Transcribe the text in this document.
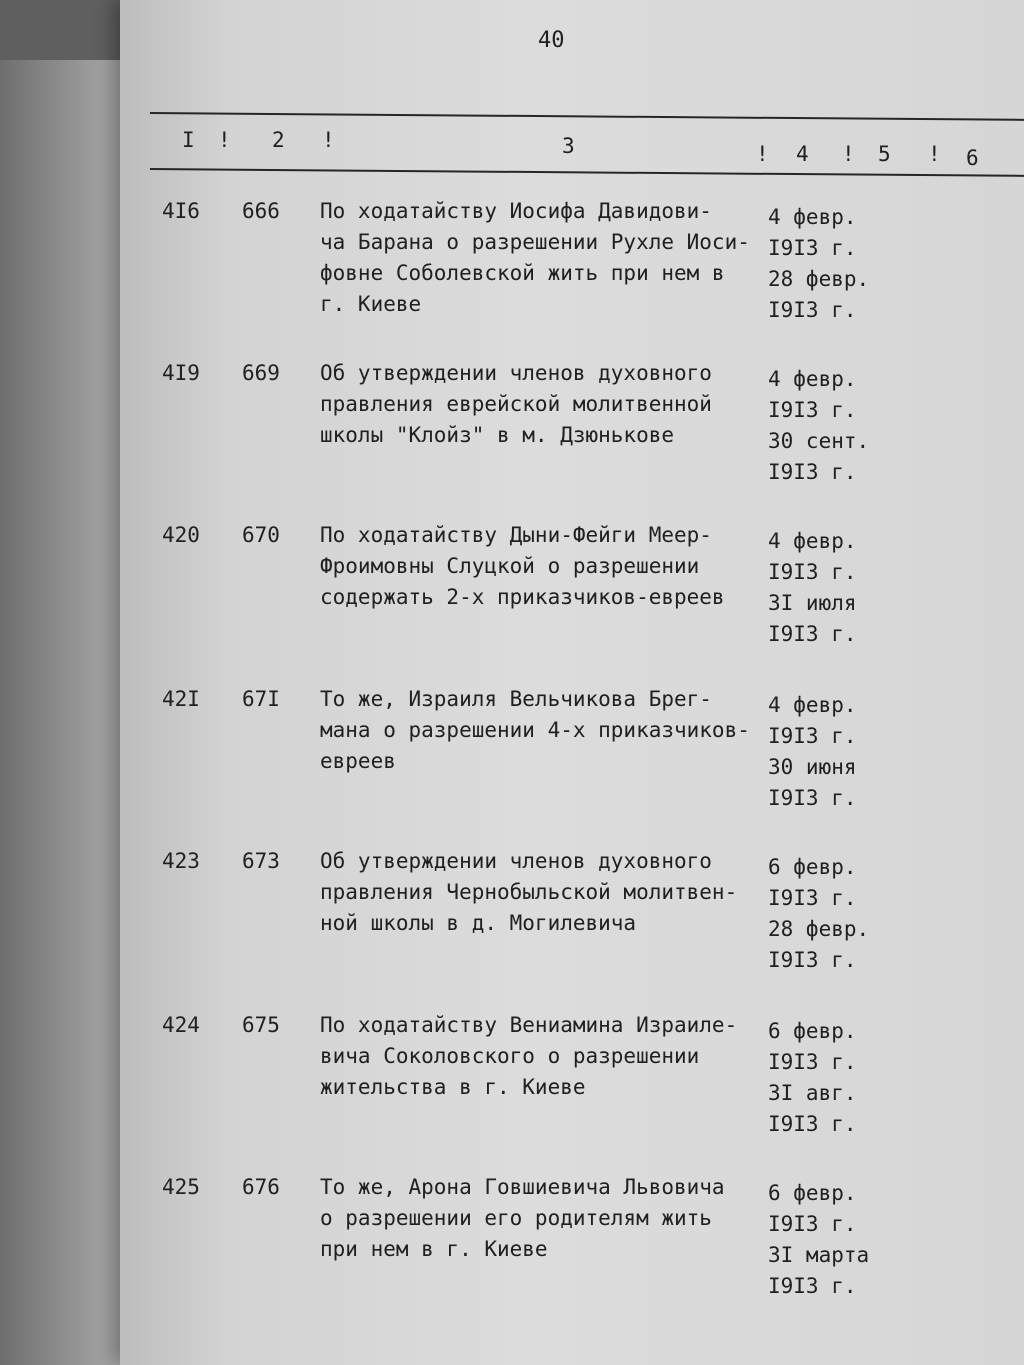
40
I ! 2 !	3	! 4 ! 5 ! 6
4I6 666 По ходатайству Иосифа Давидови-
ча Барана о разрешении Рухле Иоси-
фовне Соболевской жить при нем в
г. Киеве
4 февр.
I9I3 г.
28 февр.
I9I3 г.
4I9 669 Об утверждении членов духовного
правления еврейской молитвенной
школы "Клойз" в м. Дзюнькове
4 февр.
I9I3 г.
30 сент.
I9I3 г.
420 670 По ходатайству Дыни-Фейги Меер-
Фроимовны Слуцкой о разрешении
содержать 2-х приказчиков-евреев
4 февр.
I9I3 г.
3I июля
I9I3 г.
42I 67I То же, Израиля Вельчикова Брег-
мана о разрешении 4-х приказчиков-
евреев
4 февр.
I9I3 г.
30 июня
I9I3 г.
423 673 Об утверждении членов духовного
правления Чернобыльской молитвен-
ной школы в д. Могилевича
6 февр.
I9I3 г.
28 февр.
I9I3 г.
424 675 По ходатайству Вениамина Израиле-
вича Соколовского о разрешении
жительства в г. Киеве
6 февр.
I9I3 г.
3I авг.
I9I3 г.
425 676 То же, Арона Говшиевича Львовича
о разрешении его родителям жить
при нем в г. Киеве
6 февр.
I9I3 г.
3I марта
I9I3 г.
